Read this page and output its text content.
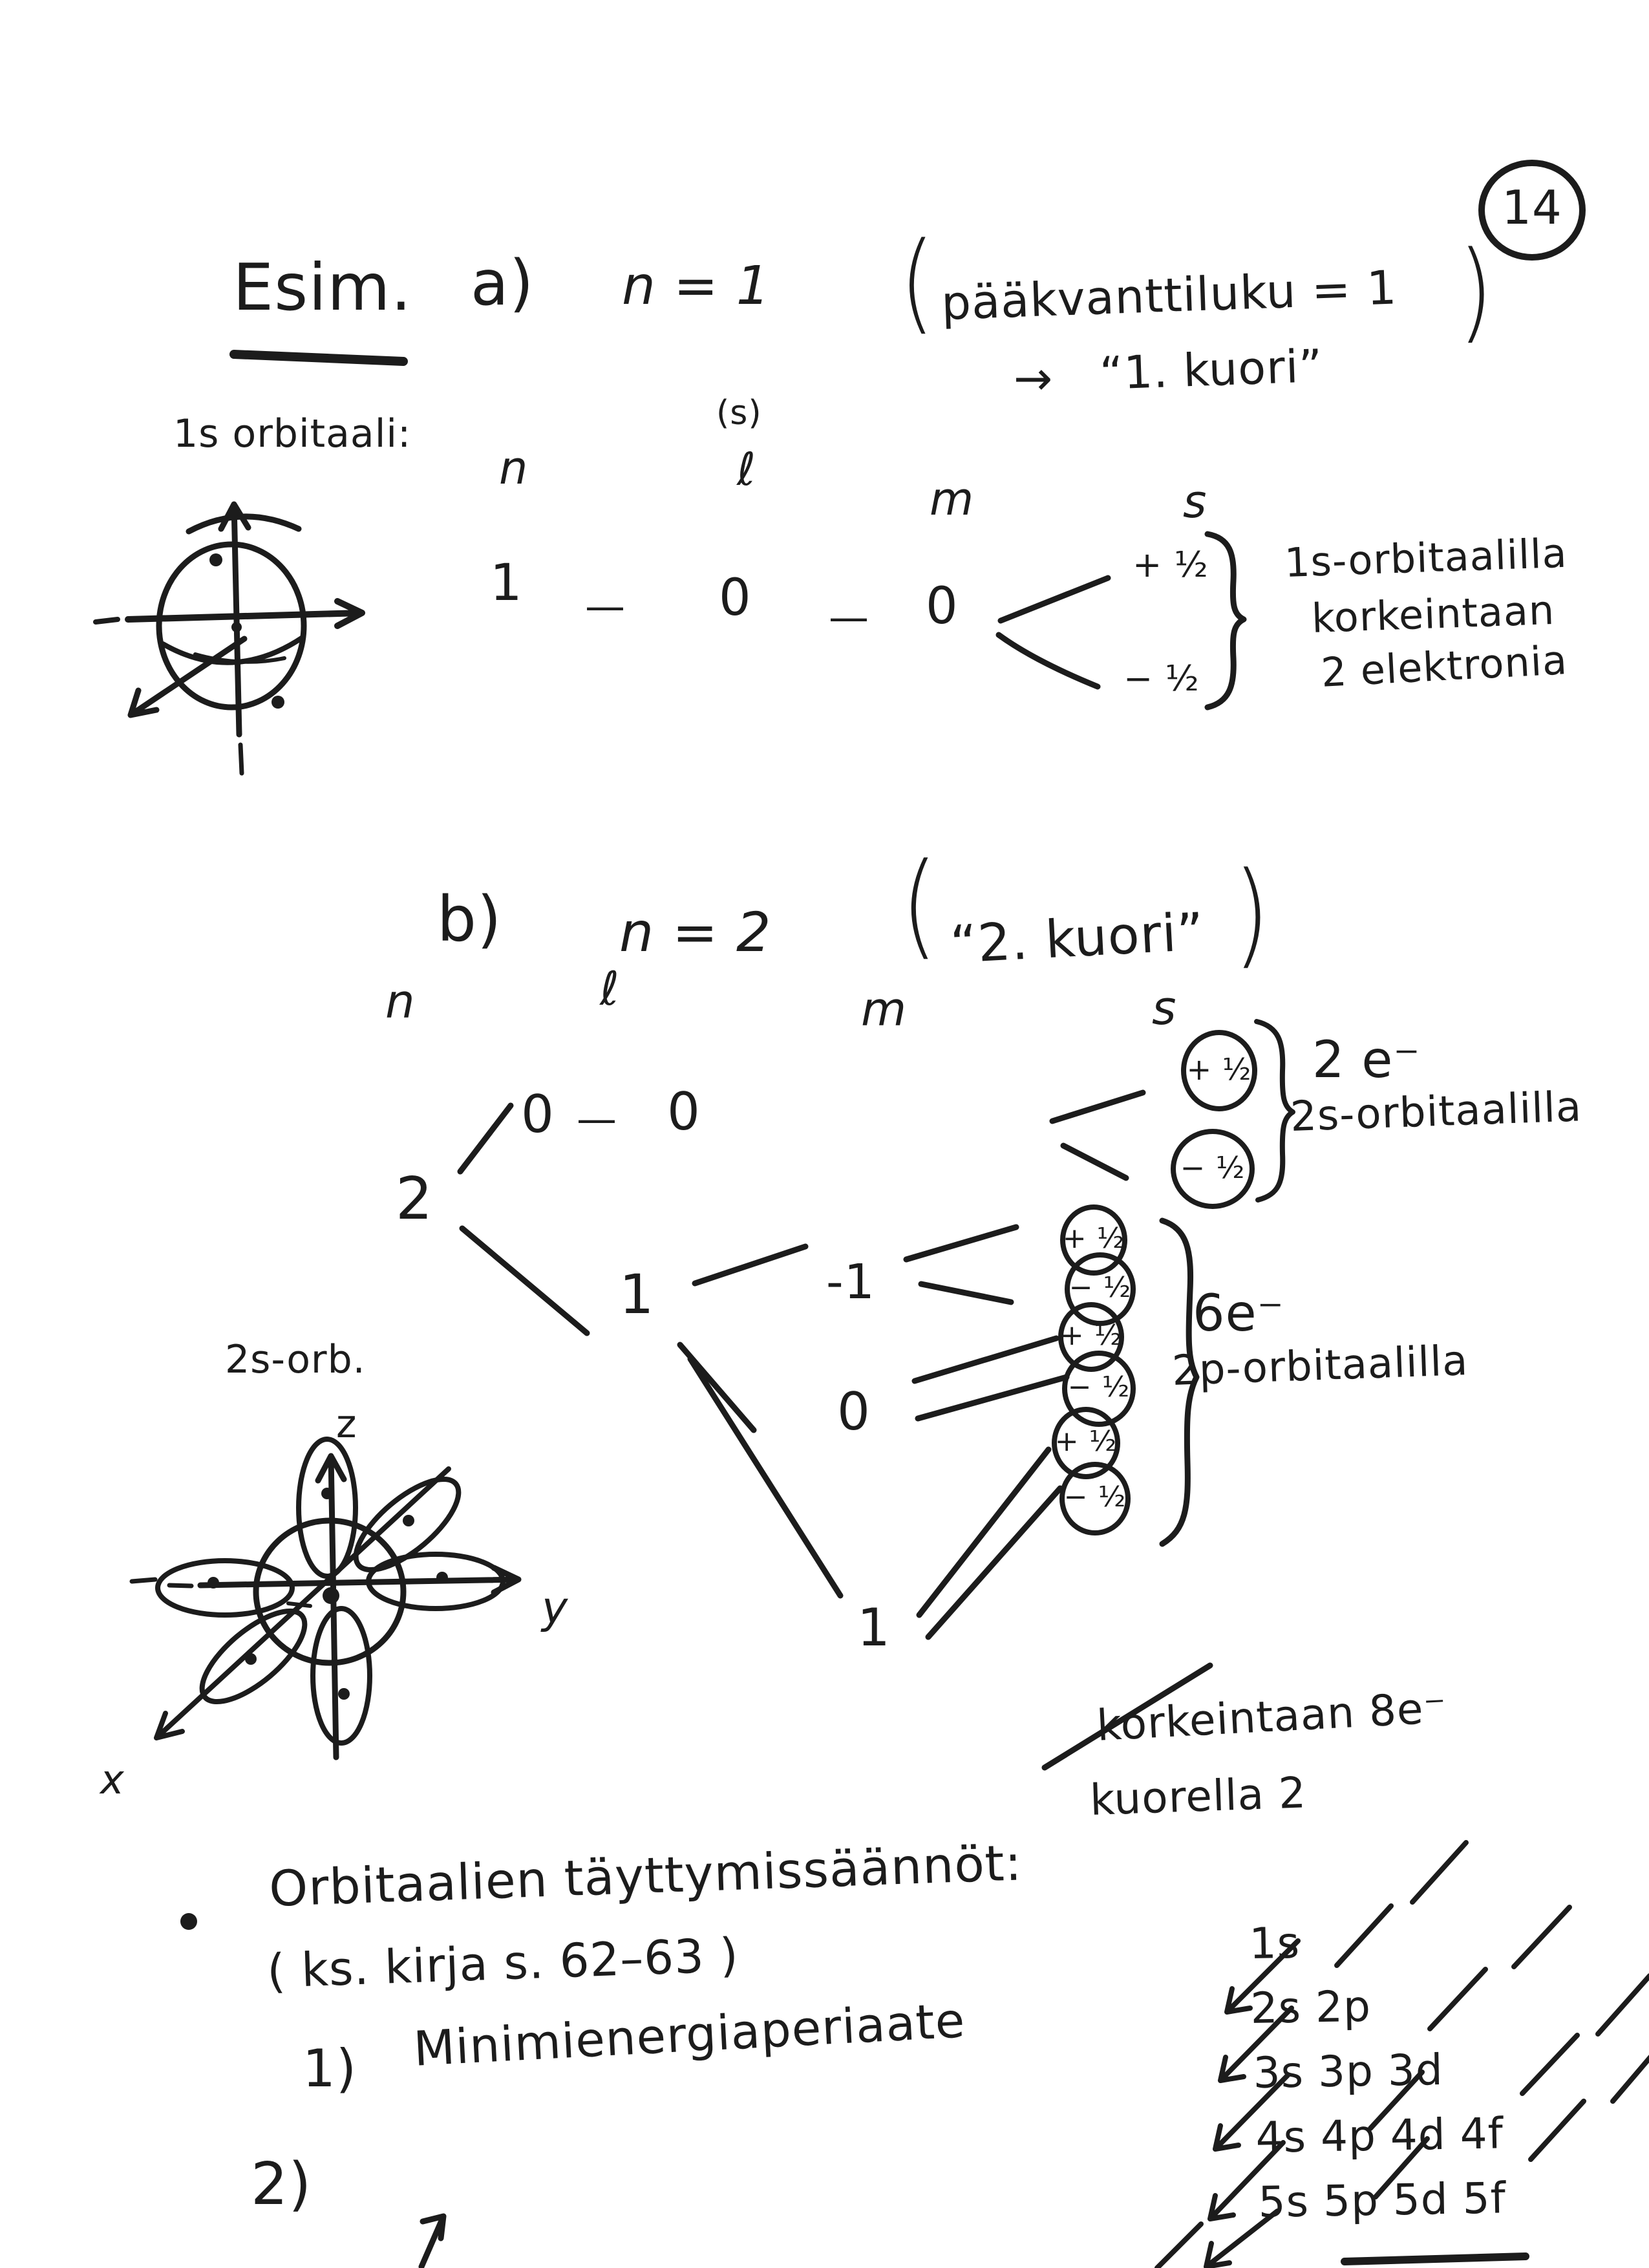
14
Esim. a) n = 1 ( pääkvanttiluku = 1 )
→ “1. kuori”
1s orbitaali:	(s)
n	ℓ
m	s
1 — 0 — 0
+ ½
− ½
1s-orbitaalilla
korkeintaan
2 elektronia
b) n = 2 ( “2. kuori” )
n	ℓ	m	s
2
0 — 0
1	-1
0
1
+ ½
− ½
+ ½
− ½
+ ½
− ½
+ ½
− ½
2 e⁻
2s-orbitaalilla
6e⁻
2p-orbitaalilla
korkeintaan 8e⁻
kuorella 2
2s-orb.
z
y
x
Orbitaalien täyttymissäännöt:
( ks. kirja s. 62–63 )
1) Minimienergiaperiaate
2)
1s
2s 2p
3s 3p 3d
4s 4p 4d 4f
5s 5p 5d 5f
